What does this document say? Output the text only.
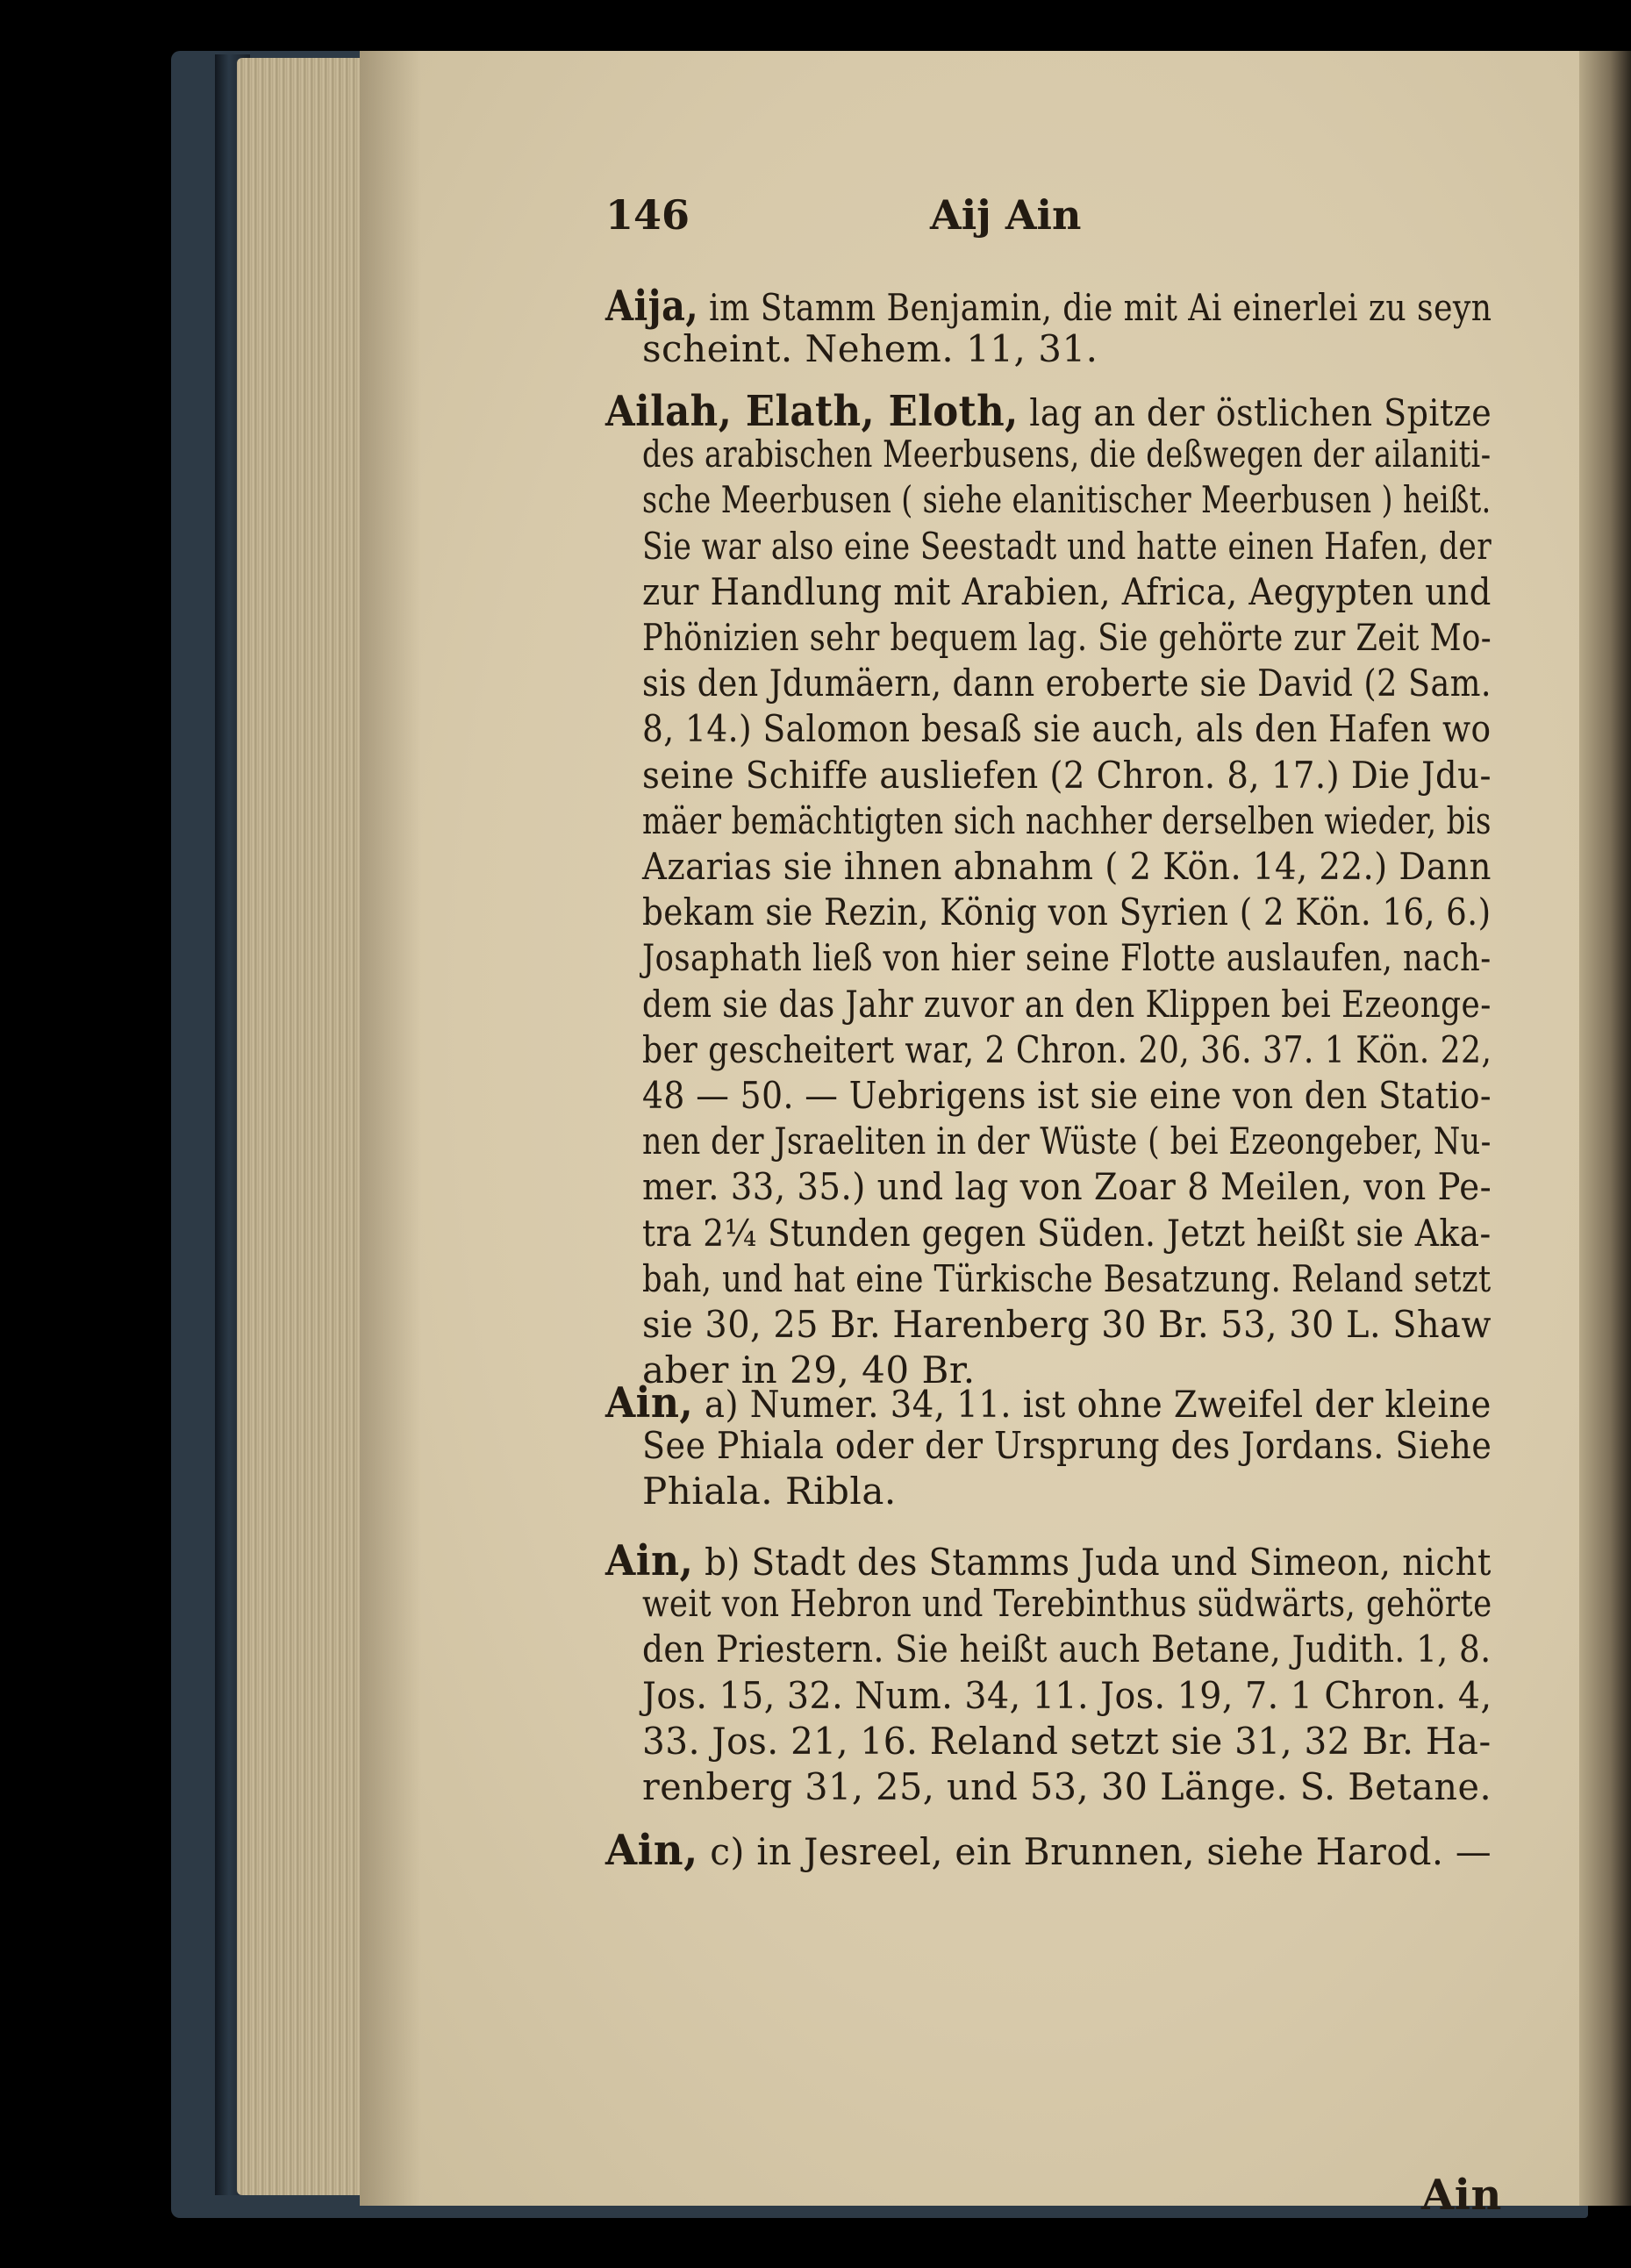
146	Aij Ain
Aija, im Stamm Benjamin, die mit Ai einerlei zu seyn
scheint. Nehem. 11, 31.
Ailah, Elath, Eloth, lag an der östlichen Spitze
des arabischen Meerbusens, die deßwegen der ailaniti-
sche Meerbusen ( siehe elanitischer Meerbusen ) heißt.
Sie war also eine Seestadt und hatte einen Hafen, der
zur Handlung mit Arabien, Africa, Aegypten und
Phönizien sehr bequem lag. Sie gehörte zur Zeit Mo-
sis den Jdumäern, dann eroberte sie David (2 Sam.
8, 14.) Salomon besaß sie auch, als den Hafen wo
seine Schiffe ausliefen (2 Chron. 8, 17.) Die Jdu-
mäer bemächtigten sich nachher derselben wieder, bis
Azarias sie ihnen abnahm ( 2 Kön. 14, 22.) Dann
bekam sie Rezin, König von Syrien ( 2 Kön. 16, 6.)
Josaphath ließ von hier seine Flotte auslaufen, nach-
dem sie das Jahr zuvor an den Klippen bei Ezeonge-
ber gescheitert war, 2 Chron. 20, 36. 37. 1 Kön. 22,
48 — 50. — Uebrigens ist sie eine von den Statio-
nen der Jsraeliten in der Wüste ( bei Ezeongeber, Nu-
mer. 33, 35.) und lag von Zoar 8 Meilen, von Pe-
tra 2¼ Stunden gegen Süden. Jetzt heißt sie Aka-
bah, und hat eine Türkische Besatzung. Reland setzt
sie 30, 25 Br. Harenberg 30 Br. 53, 30 L. Shaw
aber in 29, 40 Br.
Ain, a) Numer. 34, 11. ist ohne Zweifel der kleine
See Phiala oder der Ursprung des Jordans. Siehe
Phiala. Ribla.
Ain, b) Stadt des Stamms Juda und Simeon, nicht
weit von Hebron und Terebinthus südwärts, gehörte
den Priestern. Sie heißt auch Betane, Judith. 1, 8.
Jos. 15, 32. Num. 34, 11. Jos. 19, 7. 1 Chron. 4,
33. Jos. 21, 16. Reland setzt sie 31, 32 Br. Ha-
renberg 31, 25, und 53, 30 Länge. S. Betane.
Ain, c) in Jesreel, ein Brunnen, siehe Harod. —
Ain
